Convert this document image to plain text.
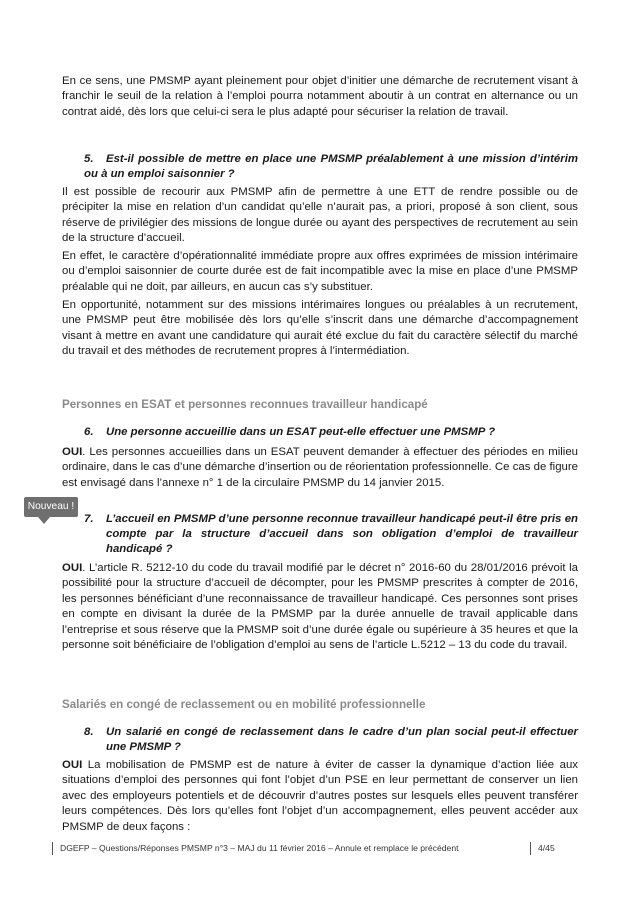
En ce sens, une PMSMP ayant pleinement pour objet d’initier une démarche de recrutement visant à franchir le seuil de la relation à l’emploi pourra notamment aboutir à un contrat en alternance ou un contrat aidé, dès lors que celui-ci sera le plus adapté pour sécuriser la relation de travail.

5. Est-il possible de mettre en place une PMSMP préalablement à une mission d’intérim ou à un emploi saisonnier ?

Il est possible de recourir aux PMSMP afin de permettre à une ETT de rendre possible ou de précipiter la mise en relation d’un candidat qu’elle n’aurait pas, a priori, proposé à son client, sous réserve de privilégier des missions de longue durée ou ayant des perspectives de recrutement au sein de la structure d’accueil.

En effet, le caractère d’opérationnalité immédiate propre aux offres exprimées de mission intérimaire ou d’emploi saisonnier de courte durée est de fait incompatible avec la mise en place d’une PMSMP préalable qui ne doit, par ailleurs, en aucun cas s’y substituer.

En opportunité, notamment sur des missions intérimaires longues ou préalables à un recrutement, une PMSMP peut être mobilisée dès lors qu’elle s’inscrit dans une démarche d’accompagnement visant à mettre en avant une candidature qui aurait été exclue du fait du caractère sélectif du marché du travail et des méthodes de recrutement propres à l’intermédiation.

Personnes en ESAT et personnes reconnues travailleur handicapé
6. Une personne accueillie dans un ESAT peut-elle effectuer une PMSMP ?

OUI. Les personnes accueillies dans un ESAT peuvent demander à effectuer des périodes en milieu ordinaire, dans le cas d’une démarche d’insertion ou de réorientation professionnelle. Ce cas de figure est envisagé dans l’annexe n° 1 de la circulaire PMSMP du 14 janvier 2015.

Nouveau !
7. L’accueil en PMSMP d’une personne reconnue travailleur handicapé peut-il être pris en compte par la structure d’accueil dans son obligation d’emploi de travailleur handicapé ?

OUI. L’article R. 5212-10 du code du travail modifié par le décret n° 2016-60 du 28/01/2016 prévoit la possibilité pour la structure d’accueil de décompter, pour les PMSMP prescrites à compter de 2016, les personnes bénéficiant d’une reconnaissance de travailleur handicapé. Ces personnes sont prises en compte en divisant la durée de la PMSMP par la durée annuelle de travail applicable dans l’entreprise et sous réserve que la PMSMP soit d’une durée égale ou supérieure à 35 heures et que la personne soit bénéficiaire de l’obligation d’emploi au sens de l’article L.5212 – 13 du code du travail.

Salariés en congé de reclassement ou en mobilité professionnelle
8. Un salarié en congé de reclassement dans le cadre d’un plan social peut-il effectuer une PMSMP ?

OUI La mobilisation de PMSMP est de nature à éviter de casser la dynamique d’action liée aux situations d’emploi des personnes qui font l’objet d’un PSE en leur permettant de conserver un lien avec des employeurs potentiels et de découvrir d’autres postes sur lesquels elles peuvent transférer leurs compétences. Dès lors qu’elles font l’objet d’un accompagnement, elles peuvent accéder aux PMSMP de deux façons :

DGEFP – Questions/Réponses PMSMP n°3 – MAJ du 11 février 2016 – Annule et remplace le précédent	4/45
